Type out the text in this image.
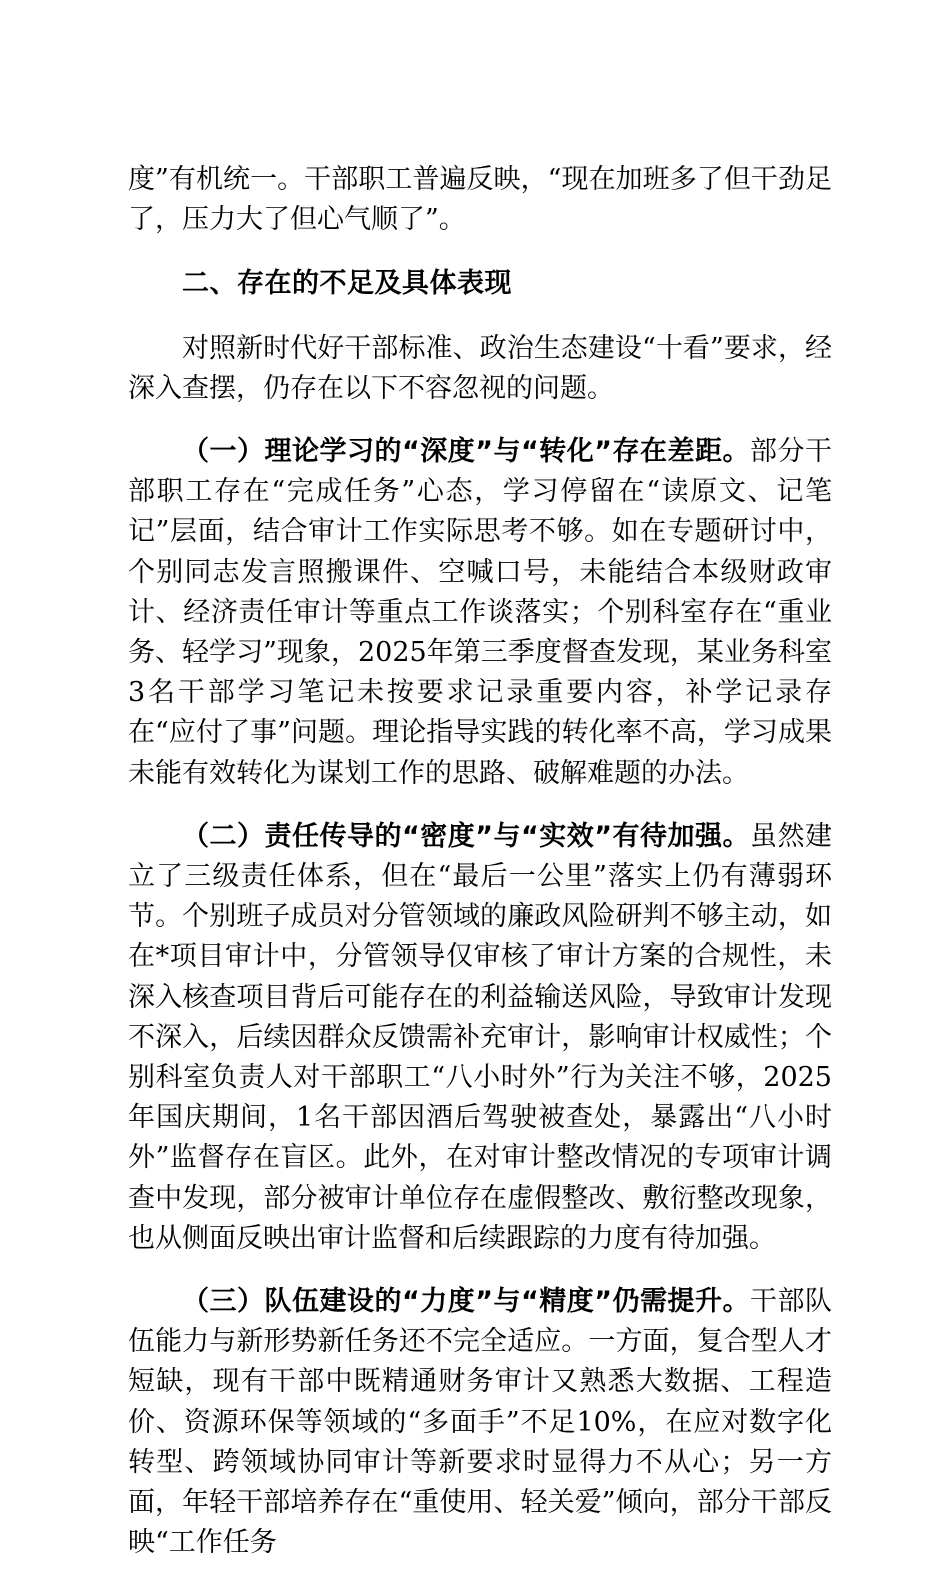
度”有机统一。干部职工普遍反映，“现在加班多了但干劲足了，压力大了但心气顺了”。

二、存在的不足及具体表现

对照新时代好干部标准、政治生态建设“十看”要求，经深入查摆，仍存在以下不容忽视的问题。

（一）理论学习的“深度”与“转化”存在差距。部分干部职工存在“完成任务”心态，学习停留在“读原文、记笔记”层面，结合审计工作实际思考不够。如在专题研讨中，个别同志发言照搬课件、空喊口号，未能结合本级财政审计、经济责任审计等重点工作谈落实；个别科室存在“重业务、轻学习”现象，2025年第三季度督查发现，某业务科室3名干部学习笔记未按要求记录重要内容，补学记录存在“应付了事”问题。理论指导实践的转化率不高，学习成果未能有效转化为谋划工作的思路、破解难题的办法。

（二）责任传导的“密度”与“实效”有待加强。虽然建立了三级责任体系，但在“最后一公里”落实上仍有薄弱环节。个别班子成员对分管领域的廉政风险研判不够主动，如在*项目审计中，分管领导仅审核了审计方案的合规性，未深入核查项目背后可能存在的利益输送风险，导致审计发现不深入，后续因群众反馈需补充审计，影响审计权威性；个别科室负责人对干部职工“八小时外”行为关注不够，2025年国庆期间，1名干部因酒后驾驶被查处，暴露出“八小时外”监督存在盲区。此外，在对审计整改情况的专项审计调查中发现，部分被审计单位存在虚假整改、敷衍整改现象，也从侧面反映出审计监督和后续跟踪的力度有待加强。

（三）队伍建设的“力度”与“精度”仍需提升。干部队伍能力与新形势新任务还不完全适应。一方面，复合型人才短缺，现有干部中既精通财务审计又熟悉大数据、工程造价、资源环保等领域的“多面手”不足10%，在应对数字化转型、跨领域协同审计等新要求时显得力不从心；另一方面，年轻干部培养存在“重使用、轻关爱”倾向，部分干部反映“工作任务
